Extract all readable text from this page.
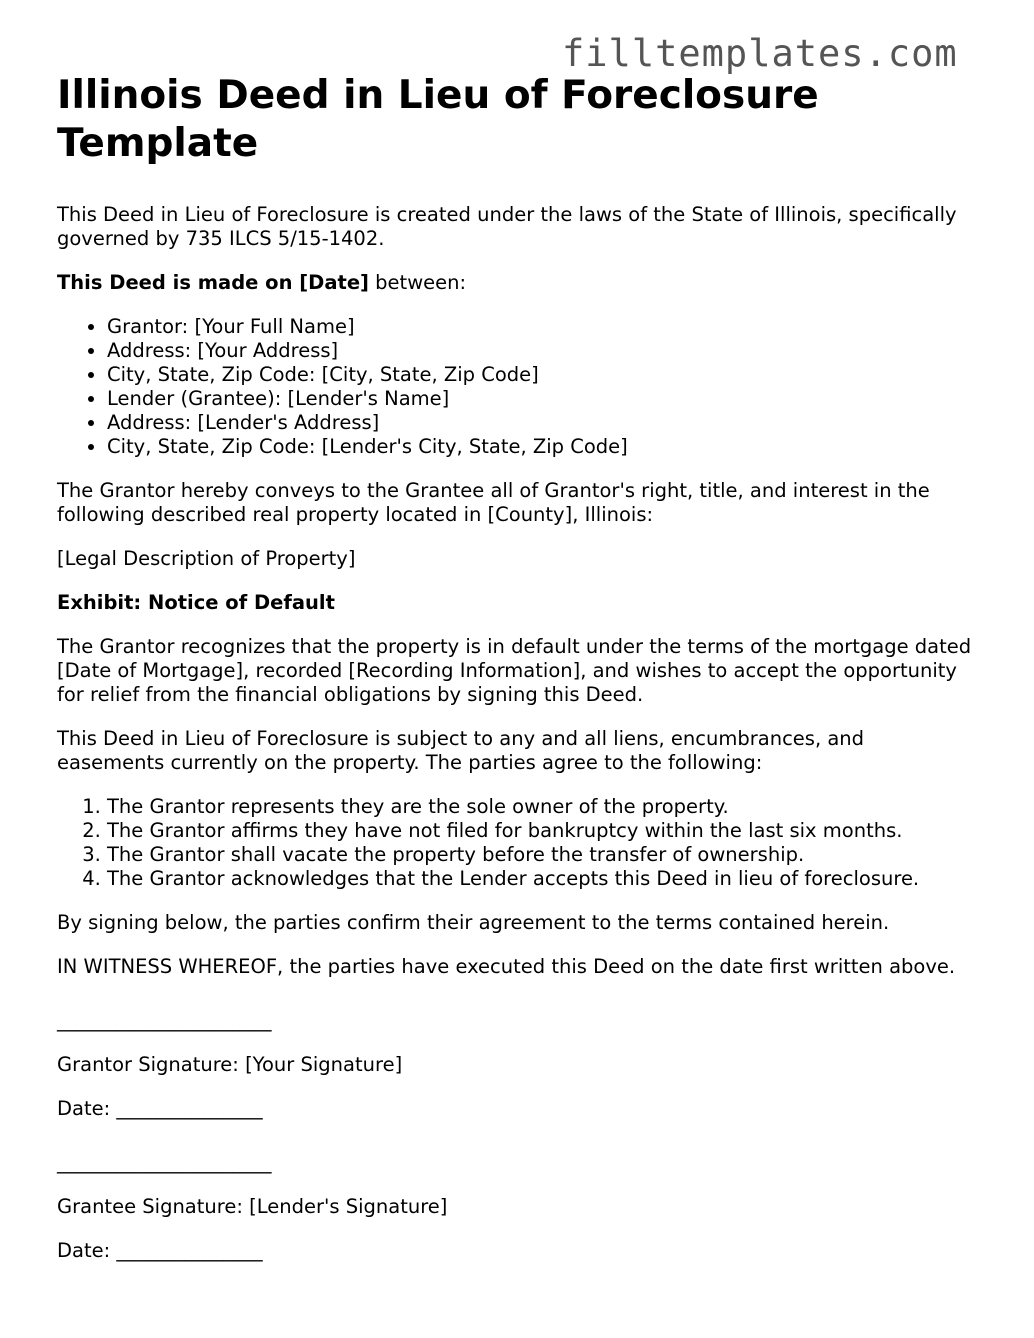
filltemplates.com
Illinois Deed in Lieu of Foreclosure Template

This Deed in Lieu of Foreclosure is created under the laws of the State of Illinois, specifically governed by 735 ILCS 5/15-1402.

This Deed is made on [Date] between:

• Grantor: [Your Full Name]
• Address: [Your Address]
• City, State, Zip Code: [City, State, Zip Code]
• Lender (Grantee): [Lender's Name]
• Address: [Lender's Address]
• City, State, Zip Code: [Lender's City, State, Zip Code]

The Grantor hereby conveys to the Grantee all of Grantor's right, title, and interest in the following described real property located in [County], Illinois:

[Legal Description of Property]

Exhibit: Notice of Default

The Grantor recognizes that the property is in default under the terms of the mortgage dated [Date of Mortgage], recorded [Recording Information], and wishes to accept the opportunity for relief from the financial obligations by signing this Deed.

This Deed in Lieu of Foreclosure is subject to any and all liens, encumbrances, and easements currently on the property. The parties agree to the following:

1. The Grantor represents they are the sole owner of the property.
2. The Grantor affirms they have not filed for bankruptcy within the last six months.
3. The Grantor shall vacate the property before the transfer of ownership.
4. The Grantor acknowledges that the Lender accepts this Deed in lieu of foreclosure.

By signing below, the parties confirm their agreement to the terms contained herein.

IN WITNESS WHEREOF, the parties have executed this Deed on the date first written above.

______________________

Grantor Signature: [Your Signature]

Date: _______________

______________________

Grantee Signature: [Lender's Signature]

Date: _______________
